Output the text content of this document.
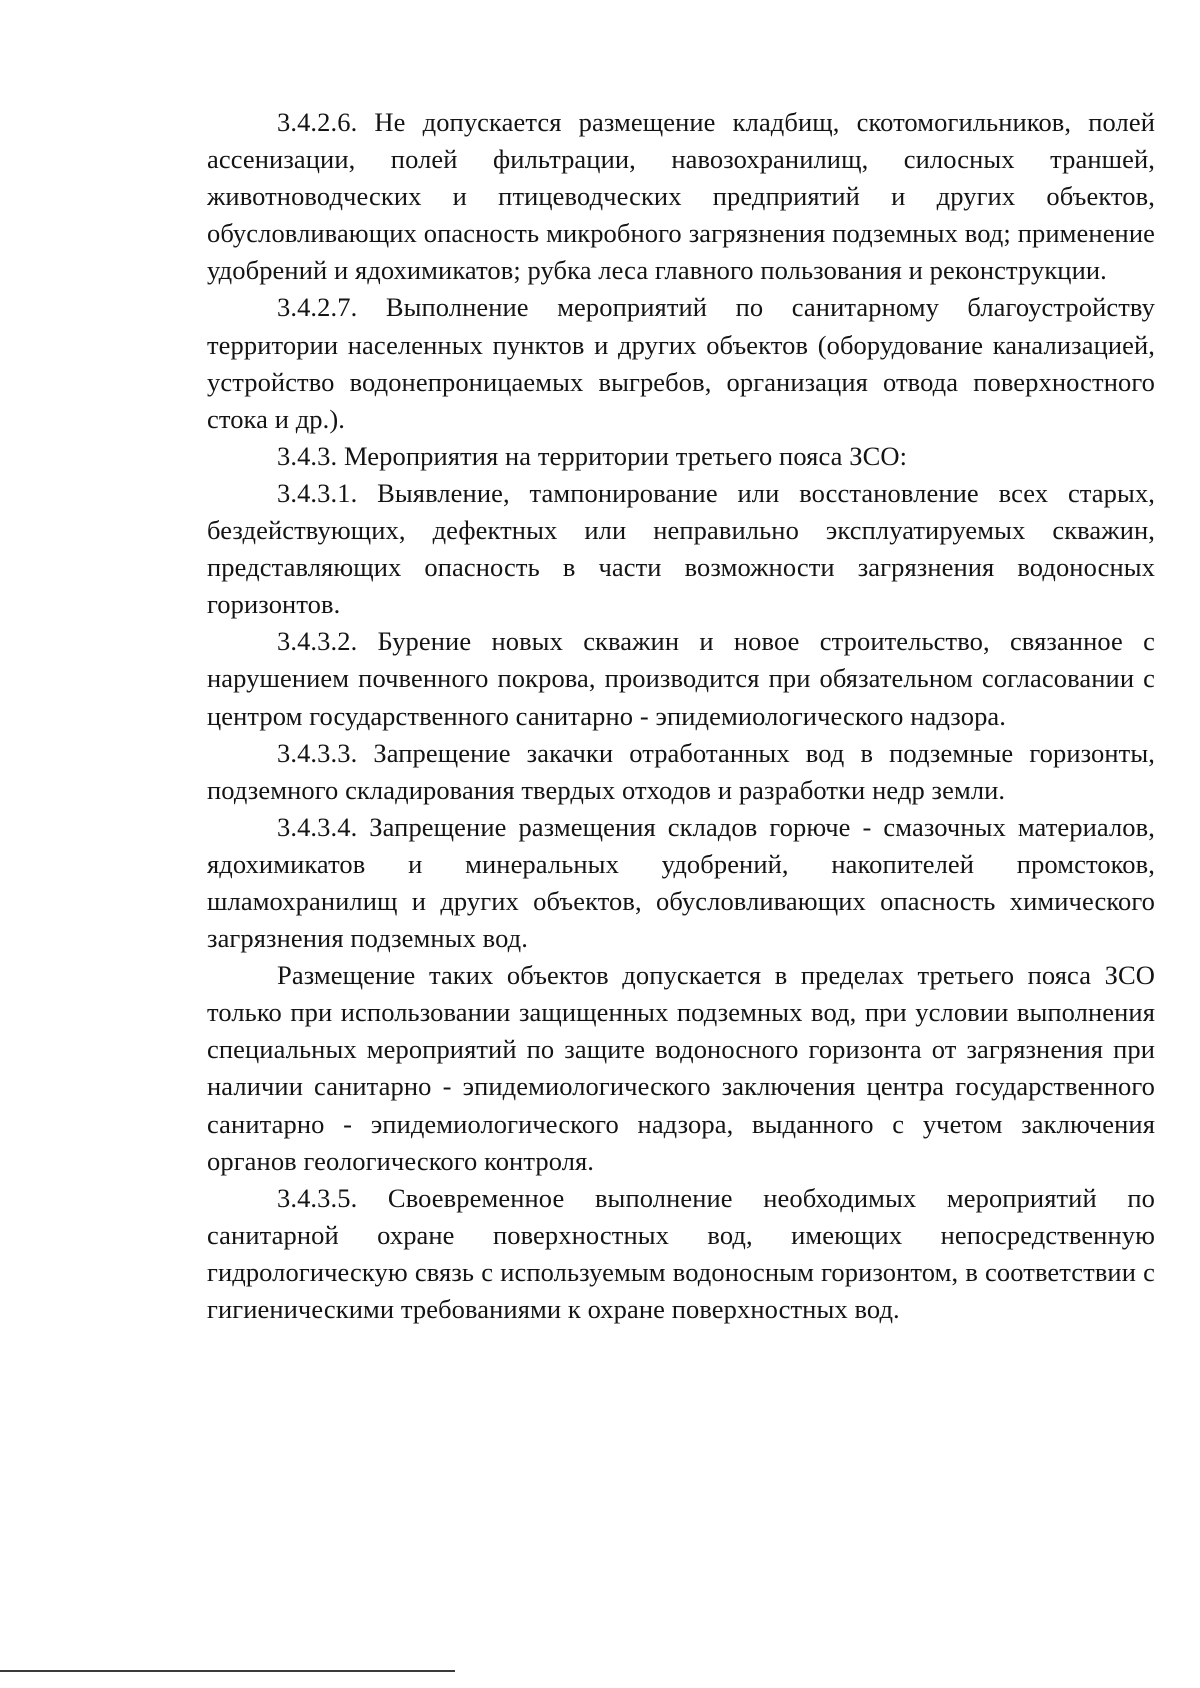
3.4.2.6. Не допускается размещение кладбищ, скотомогильников, полей ассенизации, полей фильтрации, навозохранилищ, силосных траншей, животноводческих и птицеводческих предприятий и других объектов, обусловливающих опасность микробного загрязнения подземных вод; применение удобрений и ядохимикатов; рубка леса главного пользования и реконструкции.

3.4.2.7. Выполнение мероприятий по санитарному благоустройству территории населенных пунктов и других объектов (оборудование канализацией, устройство водонепроницаемых выгребов, организация отвода поверхностного стока и др.).

3.4.3. Мероприятия на территории третьего пояса ЗСО:

3.4.3.1. Выявление, тампонирование или восстановление всех старых, бездействующих, дефектных или неправильно эксплуатируемых скважин, представляющих опасность в части возможности загрязнения водоносных горизонтов.

3.4.3.2. Бурение новых скважин и новое строительство, связанное с нарушением почвенного покрова, производится при обязательном согласовании с центром государственного санитарно - эпидемиологического надзора.

3.4.3.3. Запрещение закачки отработанных вод в подземные горизонты, подземного складирования твердых отходов и разработки недр земли.

3.4.3.4. Запрещение размещения складов горюче - смазочных материалов, ядохимикатов и минеральных удобрений, накопителей промстоков, шламохранилищ и других объектов, обусловливающих опасность химического загрязнения подземных вод.

Размещение таких объектов допускается в пределах третьего пояса ЗСО только при использовании защищенных подземных вод, при условии выполнения специальных мероприятий по защите водоносного горизонта от загрязнения при наличии санитарно - эпидемиологического заключения центра государственного санитарно - эпидемиологического надзора, выданного с учетом заключения органов геологического контроля.

3.4.3.5. Своевременное выполнение необходимых мероприятий по санитарной охране поверхностных вод, имеющих непосредственную гидрологическую связь с используемым водоносным горизонтом, в соответствии с гигиеническими требованиями к охране поверхностных вод.
